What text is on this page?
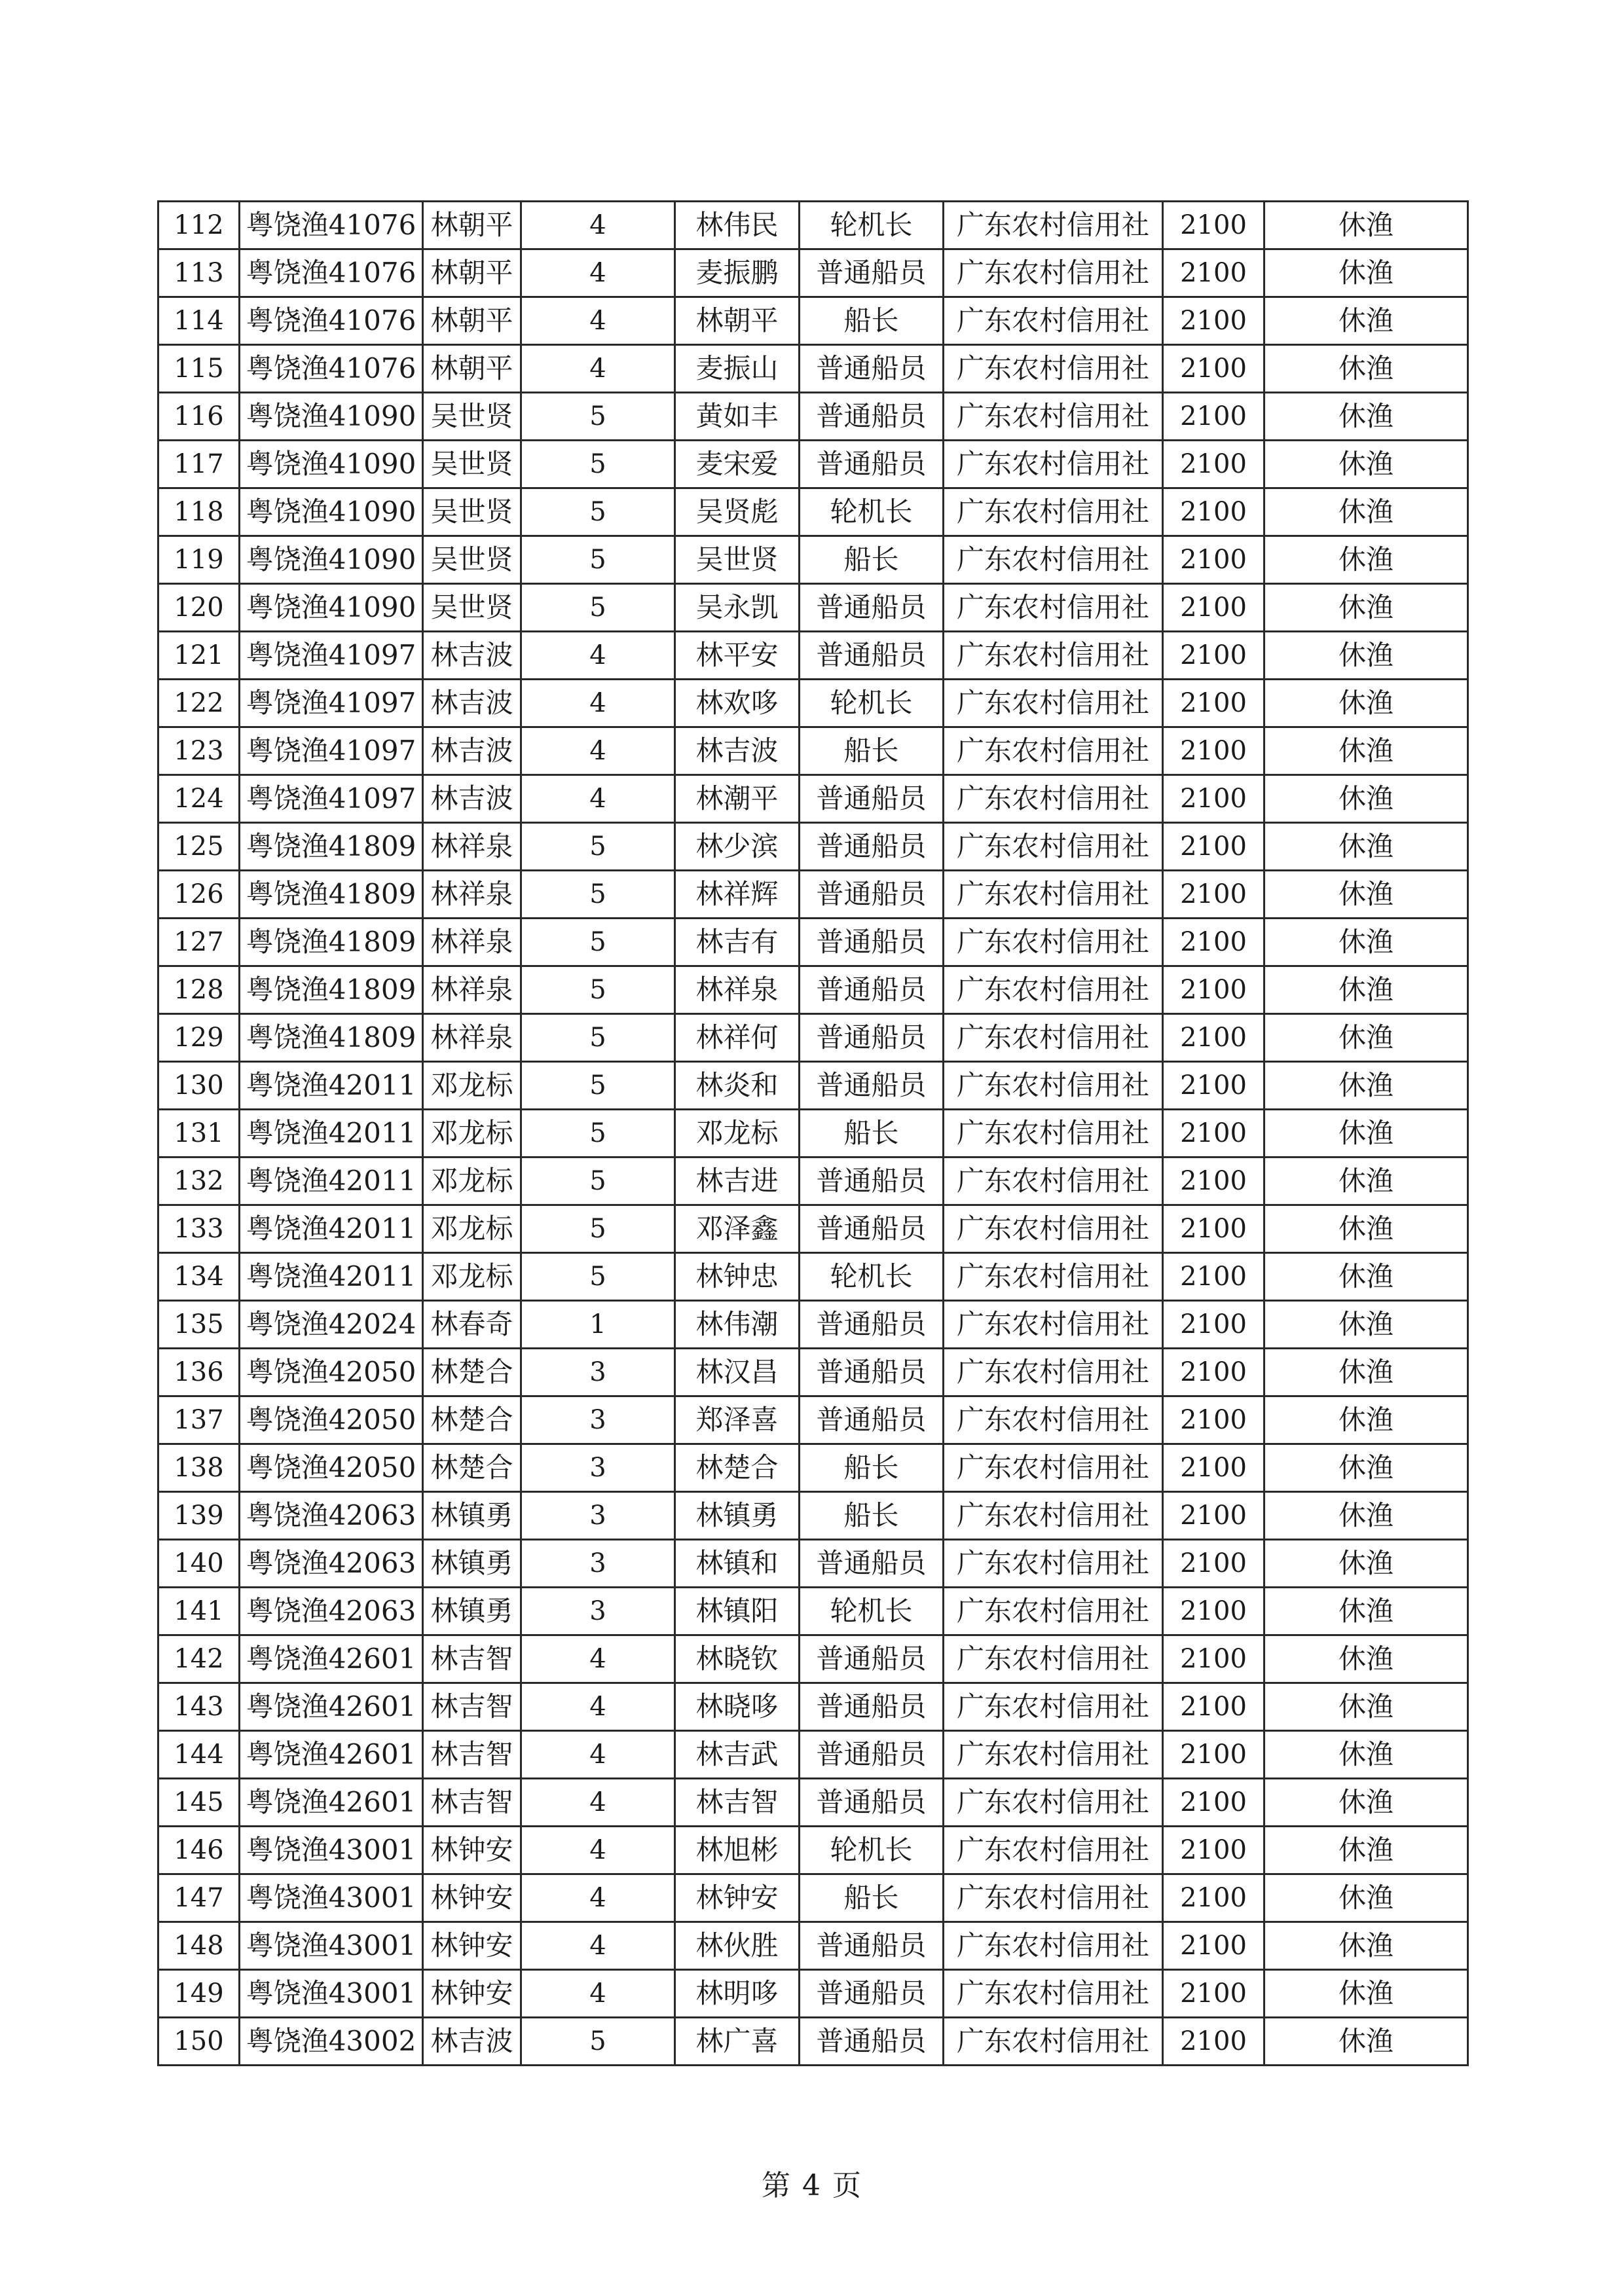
112	粤饶渔41076	林朝平	4	林伟民	轮机长	广东农村信用社	2100	休渔
113	粤饶渔41076	林朝平	4	麦振鹏	普通船员	广东农村信用社	2100	休渔
114	粤饶渔41076	林朝平	4	林朝平	船长	广东农村信用社	2100	休渔
115	粤饶渔41076	林朝平	4	麦振山	普通船员	广东农村信用社	2100	休渔
116	粤饶渔41090	吴世贤	5	黄如丰	普通船员	广东农村信用社	2100	休渔
117	粤饶渔41090	吴世贤	5	麦宋爱	普通船员	广东农村信用社	2100	休渔
118	粤饶渔41090	吴世贤	5	吴贤彪	轮机长	广东农村信用社	2100	休渔
119	粤饶渔41090	吴世贤	5	吴世贤	船长	广东农村信用社	2100	休渔
120	粤饶渔41090	吴世贤	5	吴永凯	普通船员	广东农村信用社	2100	休渔
121	粤饶渔41097	林吉波	4	林平安	普通船员	广东农村信用社	2100	休渔
122	粤饶渔41097	林吉波	4	林欢哆	轮机长	广东农村信用社	2100	休渔
123	粤饶渔41097	林吉波	4	林吉波	船长	广东农村信用社	2100	休渔
124	粤饶渔41097	林吉波	4	林潮平	普通船员	广东农村信用社	2100	休渔
125	粤饶渔41809	林祥泉	5	林少滨	普通船员	广东农村信用社	2100	休渔
126	粤饶渔41809	林祥泉	5	林祥辉	普通船员	广东农村信用社	2100	休渔
127	粤饶渔41809	林祥泉	5	林吉有	普通船员	广东农村信用社	2100	休渔
128	粤饶渔41809	林祥泉	5	林祥泉	普通船员	广东农村信用社	2100	休渔
129	粤饶渔41809	林祥泉	5	林祥何	普通船员	广东农村信用社	2100	休渔
130	粤饶渔42011	邓龙标	5	林炎和	普通船员	广东农村信用社	2100	休渔
131	粤饶渔42011	邓龙标	5	邓龙标	船长	广东农村信用社	2100	休渔
132	粤饶渔42011	邓龙标	5	林吉进	普通船员	广东农村信用社	2100	休渔
133	粤饶渔42011	邓龙标	5	邓泽鑫	普通船员	广东农村信用社	2100	休渔
134	粤饶渔42011	邓龙标	5	林钟忠	轮机长	广东农村信用社	2100	休渔
135	粤饶渔42024	林春奇	1	林伟潮	普通船员	广东农村信用社	2100	休渔
136	粤饶渔42050	林楚合	3	林汉昌	普通船员	广东农村信用社	2100	休渔
137	粤饶渔42050	林楚合	3	郑泽喜	普通船员	广东农村信用社	2100	休渔
138	粤饶渔42050	林楚合	3	林楚合	船长	广东农村信用社	2100	休渔
139	粤饶渔42063	林镇勇	3	林镇勇	船长	广东农村信用社	2100	休渔
140	粤饶渔42063	林镇勇	3	林镇和	普通船员	广东农村信用社	2100	休渔
141	粤饶渔42063	林镇勇	3	林镇阳	轮机长	广东农村信用社	2100	休渔
142	粤饶渔42601	林吉智	4	林晓钦	普通船员	广东农村信用社	2100	休渔
143	粤饶渔42601	林吉智	4	林晓哆	普通船员	广东农村信用社	2100	休渔
144	粤饶渔42601	林吉智	4	林吉武	普通船员	广东农村信用社	2100	休渔
145	粤饶渔42601	林吉智	4	林吉智	普通船员	广东农村信用社	2100	休渔
146	粤饶渔43001	林钟安	4	林旭彬	轮机长	广东农村信用社	2100	休渔
147	粤饶渔43001	林钟安	4	林钟安	船长	广东农村信用社	2100	休渔
148	粤饶渔43001	林钟安	4	林伙胜	普通船员	广东农村信用社	2100	休渔
149	粤饶渔43001	林钟安	4	林明哆	普通船员	广东农村信用社	2100	休渔
150	粤饶渔43002	林吉波	5	林广喜	普通船员	广东农村信用社	2100	休渔
第 4 页
